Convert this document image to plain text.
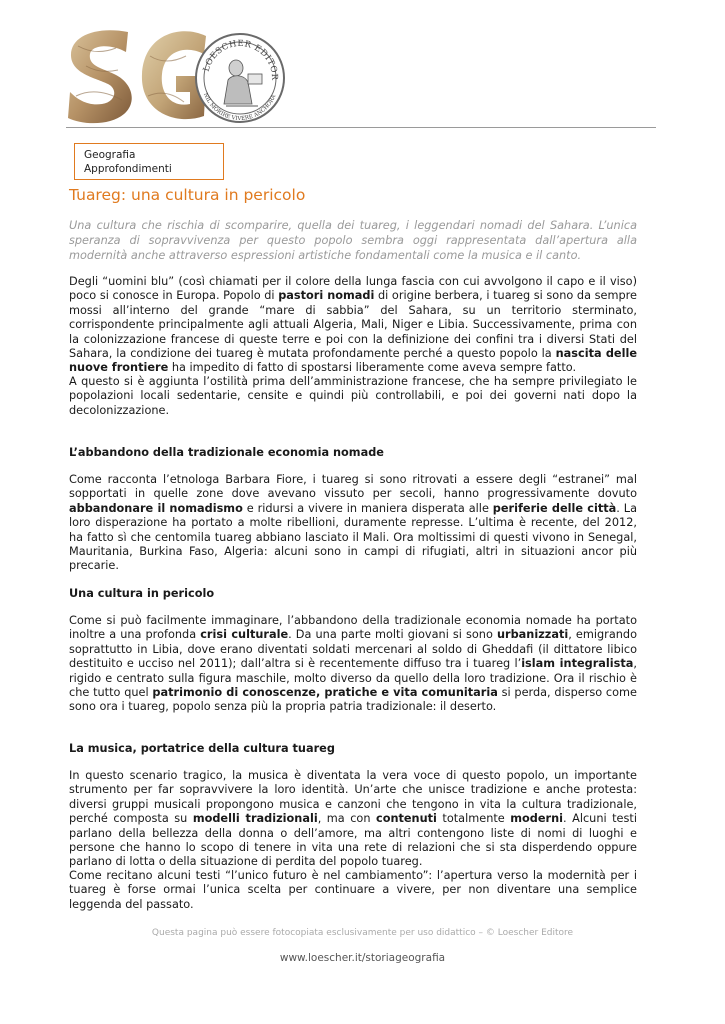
LOESCHER EDITOR
NIL MORIRE VIVERE ANCHORA
Geografia
Approfondimenti
Tuareg: una cultura in pericolo

Una cultura che rischia di scomparire, quella dei tuareg, i leggendari nomadi del Sahara. L’unica speranza di sopravvivenza per questo popolo sembra oggi rappresentata dall’apertura alla modernità anche attraverso espressioni artistiche fondamentali come la musica e il canto.

Degli “uomini blu” (così chiamati per il colore della lunga fascia con cui avvolgono il capo e il viso) poco si conosce in Europa. Popolo di pastori nomadi di origine berbera, i tuareg si sono da sempre mossi all’interno del grande “mare di sabbia” del Sahara, su un territorio sterminato, corrispondente principalmente agli attuali Algeria, Mali, Niger e Libia. Successivamente, prima con la colonizzazione francese di queste terre e poi con la definizione dei confini tra i diversi Stati del Sahara, la condizione dei tuareg è mutata profondamente perché a questo popolo la nascita delle nuove frontiere ha impedito di fatto di spostarsi liberamente come aveva sempre fatto.

A questo si è aggiunta l’ostilità prima dell’amministrazione francese, che ha sempre privilegiato le popolazioni locali sedentarie, censite e quindi più controllabili, e poi dei governi nati dopo la decolonizzazione.

L’abbandono della tradizionale economia nomade

Come racconta l’etnologa Barbara Fiore, i tuareg si sono ritrovati a essere degli “estranei” mal sopportati in quelle zone dove avevano vissuto per secoli, hanno progressivamente dovuto abbandonare il nomadismo e ridursi a vivere in maniera disperata alle periferie delle città. La loro disperazione ha portato a molte ribellioni, duramente represse. L’ultima è recente, del 2012, ha fatto sì che centomila tuareg abbiano lasciato il Mali. Ora moltissimi di questi vivono in Senegal, Mauritania, Burkina Faso, Algeria: alcuni sono in campi di rifugiati, altri in situazioni ancor più precarie.

Una cultura in pericolo

Come si può facilmente immaginare, l’abbandono della tradizionale economia nomade ha portato inoltre a una profonda crisi culturale. Da una parte molti giovani si sono urbanizzati, emigrando soprattutto in Libia, dove erano diventati soldati mercenari al soldo di Gheddafi (il dittatore libico destituito e ucciso nel 2011); dall’altra si è recentemente diffuso tra i tuareg l’islam integralista, rigido e centrato sulla figura maschile, molto diverso da quello della loro tradizione. Ora il rischio è che tutto quel patrimonio di conoscenze, pratiche e vita comunitaria si perda, disperso come sono ora i tuareg, popolo senza più la propria patria tradizionale: il deserto.

La musica, portatrice della cultura tuareg

In questo scenario tragico, la musica è diventata la vera voce di questo popolo, un importante strumento per far sopravvivere la loro identità. Un’arte che unisce tradizione e anche protesta: diversi gruppi musicali propongono musica e canzoni che tengono in vita la cultura tradizionale, perché composta su modelli tradizionali, ma con contenuti totalmente moderni. Alcuni testi parlano della bellezza della donna o dell’amore, ma altri contengono liste di nomi di luoghi e persone che hanno lo scopo di tenere in vita una rete di relazioni che si sta disperdendo oppure parlano di lotta o della situazione di perdita del popolo tuareg.

Come recitano alcuni testi “l’unico futuro è nel cambiamento”: l’apertura verso la modernità per i tuareg è forse ormai l’unica scelta per continuare a vivere, per non diventare una semplice leggenda del passato.

Questa pagina può essere fotocopiata esclusivamente per uso didattico – © Loescher Editore
www.loescher.it/storiageografia
